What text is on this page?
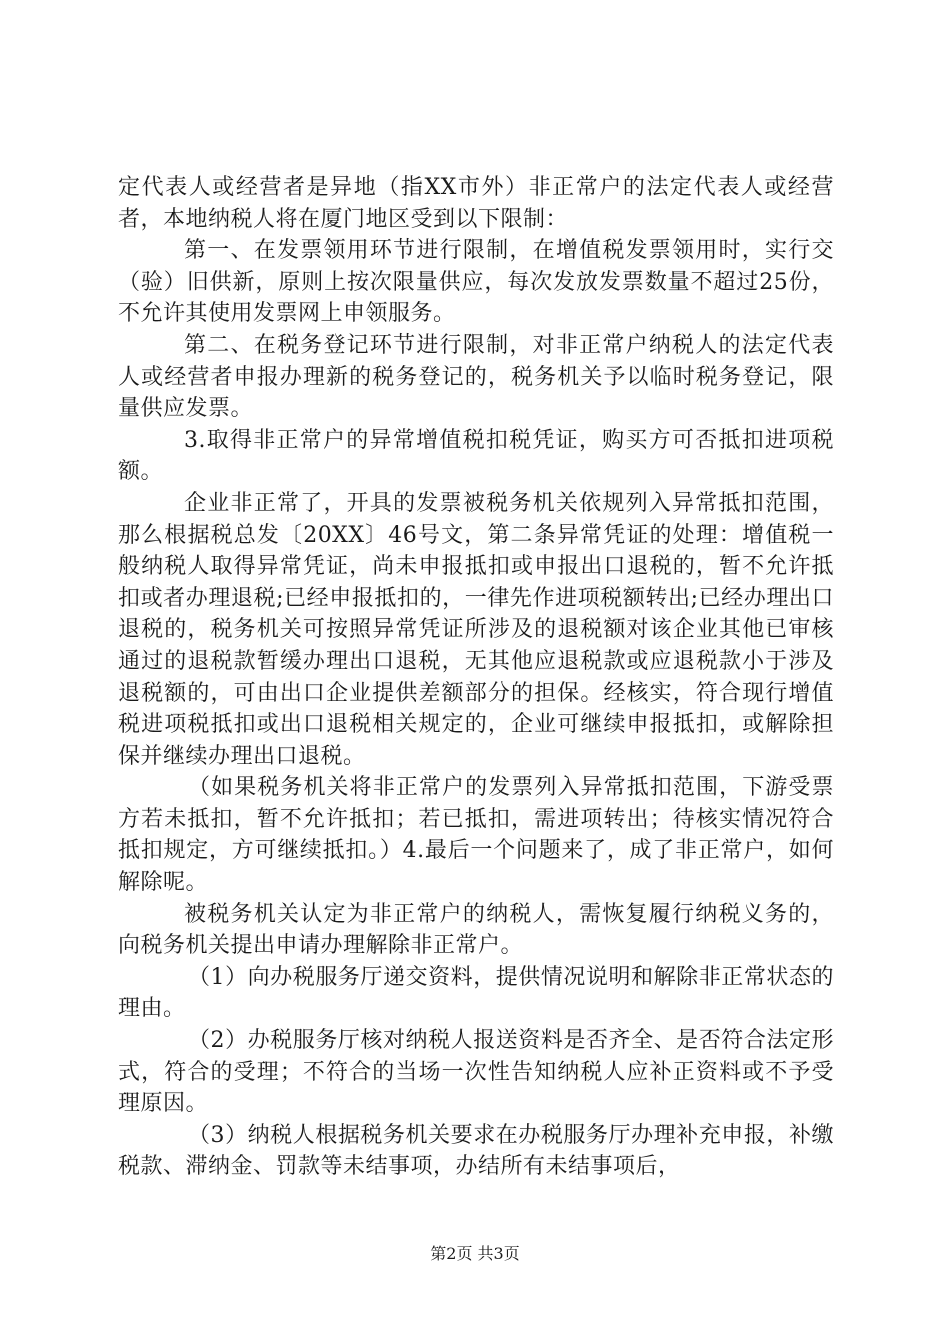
定代表人或经营者是异地（指XX市外）非正常户的法定代表人或经营者，本地纳税人将在厦门地区受到以下限制：

第一、在发票领用环节进行限制，在增值税发票领用时，实行交（验）旧供新，原则上按次限量供应，每次发放发票数量不超过25份，不允许其使用发票网上申领服务。

第二、在税务登记环节进行限制，对非正常户纳税人的法定代表人或经营者申报办理新的税务登记的，税务机关予以临时税务登记，限量供应发票。

3.取得非正常户的异常增值税扣税凭证，购买方可否抵扣进项税额。

企业非正常了，开具的发票被税务机关依规列入异常抵扣范围，那么根据税总发〔20XX〕46号文，第二条异常凭证的处理：增值税一般纳税人取得异常凭证，尚未申报抵扣或申报出口退税的，暂不允许抵扣或者办理退税;已经申报抵扣的，一律先作进项税额转出;已经办理出口退税的，税务机关可按照异常凭证所涉及的退税额对该企业其他已审核通过的退税款暂缓办理出口退税，无其他应退税款或应退税款小于涉及退税额的，可由出口企业提供差额部分的担保。经核实，符合现行增值税进项税抵扣或出口退税相关规定的，企业可继续申报抵扣，或解除担保并继续办理出口退税。

（如果税务机关将非正常户的发票列入异常抵扣范围，下游受票方若未抵扣，暂不允许抵扣；若已抵扣，需进项转出；待核实情况符合抵扣规定，方可继续抵扣。）4.最后一个问题来了，成了非正常户，如何解除呢。

被税务机关认定为非正常户的纳税人，需恢复履行纳税义务的，向税务机关提出申请办理解除非正常户。

（1）向办税服务厅递交资料，提供情况说明和解除非正常状态的理由。

（2）办税服务厅核对纳税人报送资料是否齐全、是否符合法定形式，符合的受理；不符合的当场一次性告知纳税人应补正资料或不予受理原因。

（3）纳税人根据税务机关要求在办税服务厅办理补充申报，补缴税款、滞纳金、罚款等未结事项，办结所有未结事项后，

第2页 共3页
